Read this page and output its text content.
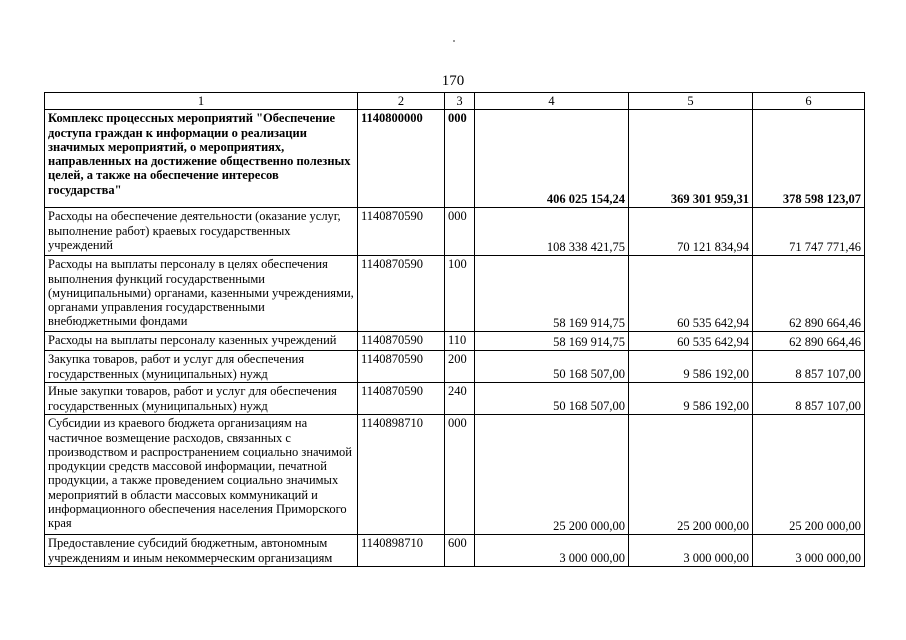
170
1	2	3	4	5	6
Комплекс процессных мероприятий "Обеспечение доступа граждан к информации о реализации значимых мероприятий, о мероприятиях, направленных на достижение общественно полезных целей, а также на обеспечение интересов государства"	1140800000	000	406 025 154,24	369 301 959,31	378 598 123,07
Расходы на обеспечение деятельности (оказание услуг, выполнение работ) краевых государственных учреждений	1140870590	000	108 338 421,75	70 121 834,94	71 747 771,46
Расходы на выплаты персоналу в целях обеспечения выполнения функций государственными (муниципальными) органами, казенными учреждениями, органами управления государственными внебюджетными фондами	1140870590	100	58 169 914,75	60 535 642,94	62 890 664,46
Расходы на выплаты персоналу казенных учреждений	1140870590	110	58 169 914,75	60 535 642,94	62 890 664,46
Закупка товаров, работ и услуг для обеспечения государственных (муниципальных) нужд	1140870590	200	50 168 507,00	9 586 192,00	8 857 107,00
Иные закупки товаров, работ и услуг для обеспечения государственных (муниципальных) нужд	1140870590	240	50 168 507,00	9 586 192,00	8 857 107,00
Субсидии из краевого бюджета организациям на частичное возмещение расходов, связанных с производством и распространением социально значимой продукции средств массовой информации, печатной продукции, а также проведением социально значимых мероприятий в области массовых коммуникаций и информационного обеспечения населения Приморского края	1140898710	000	25 200 000,00	25 200 000,00	25 200 000,00
Предоставление субсидий бюджетным, автономным учреждениям и иным некоммерческим организациям	1140898710	600	3 000 000,00	3 000 000,00	3 000 000,00
